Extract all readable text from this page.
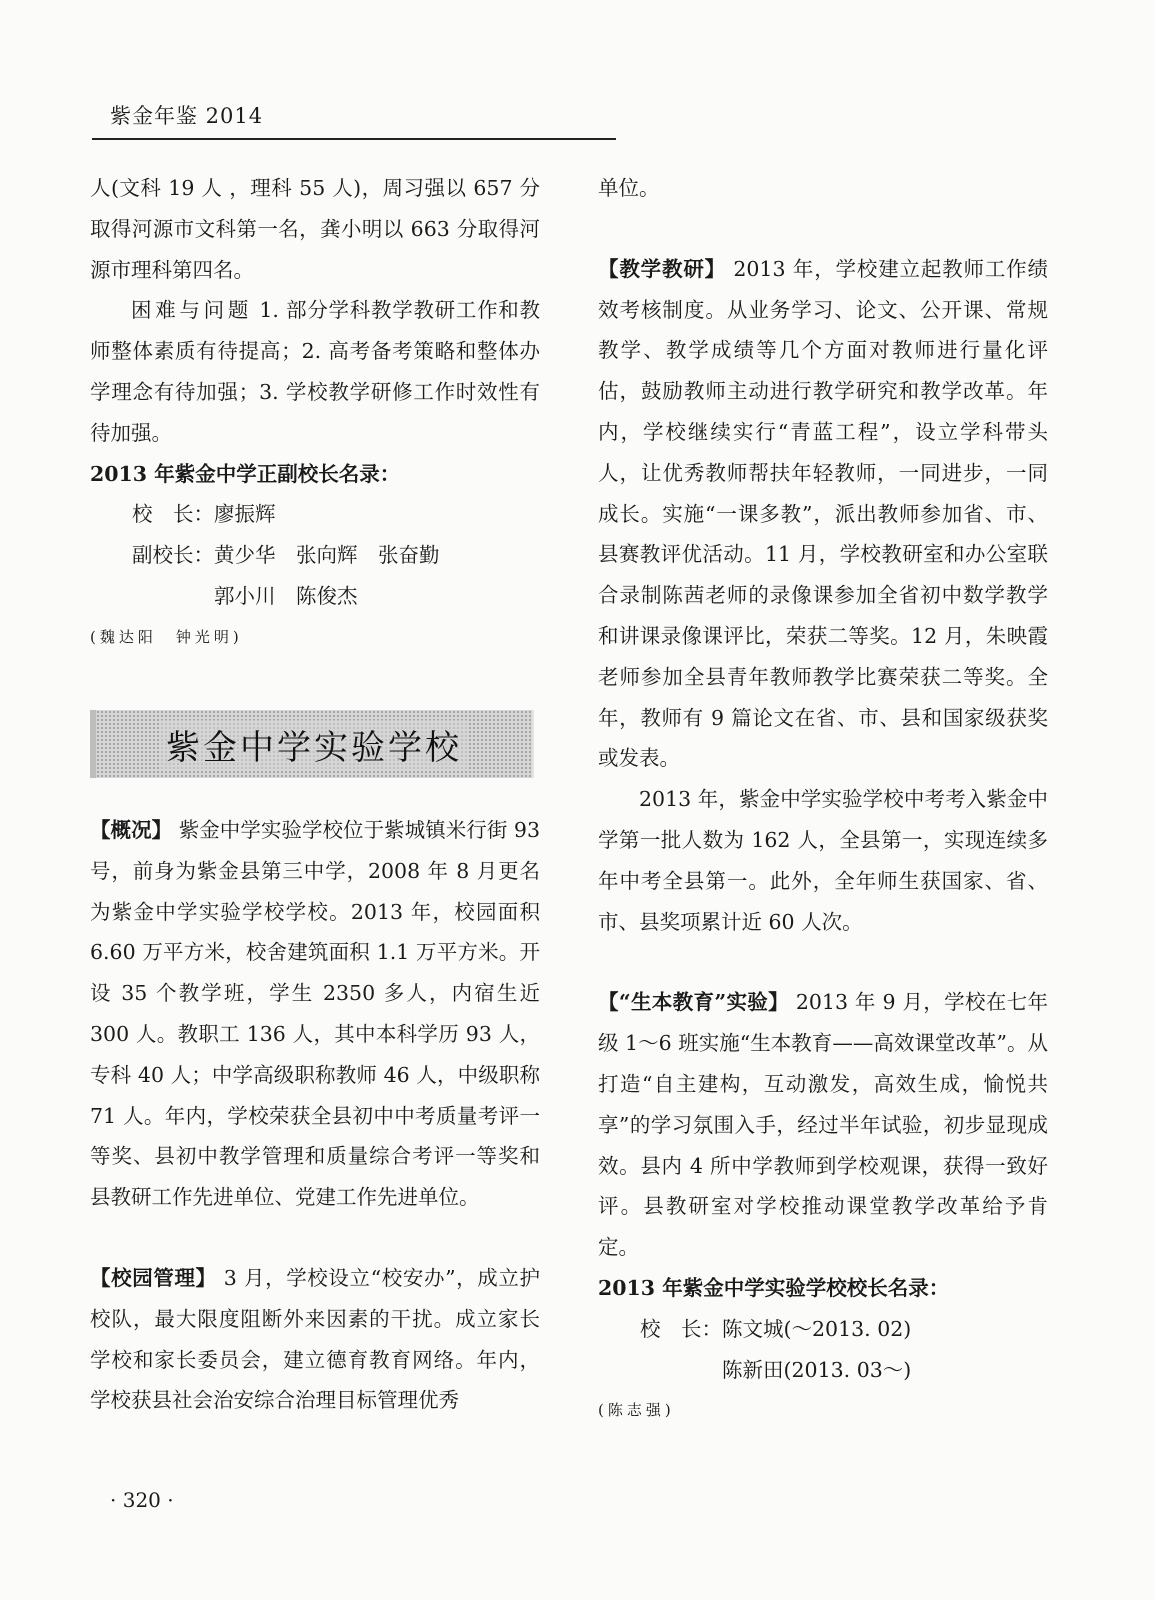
紫金年鉴 2014

人(文科 19 人 ，理科 55 人)，周习强以 657 分取得河源市文科第一名，龚小明以 663 分取得河源市理科第四名。

困难与问题 1. 部分学科教学教研工作和教师整体素质有待提高；2. 高考备考策略和整体办学理念有待加强；3. 学校教学研修工作时效性有待加强。

2013 年紫金中学正副校长名录：

校　长：廖振辉

副校长：黄少华　张向辉　张奋勤

郭小川　陈俊杰

(魏达阳　钟光明)

紫金中学实验学校

【概况】 紫金中学实验学校位于紫城镇米行街 93 号，前身为紫金县第三中学，2008 年 8 月更名为紫金中学实验学校学校。2013 年，校园面积 6.60 万平方米，校舍建筑面积 1.1 万平方米。开设 35 个教学班，学生 2350 多人，内宿生近 300 人。教职工 136 人，其中本科学历 93 人，专科 40 人；中学高级职称教师 46 人，中级职称 71 人。年内，学校荣获全县初中中考质量考评一等奖、县初中教学管理和质量综合考评一等奖和县教研工作先进单位、党建工作先进单位。

【校园管理】 3 月，学校设立“校安办”，成立护校队，最大限度阻断外来因素的干扰。成立家长学校和家长委员会，建立德育教育网络。年内，学校获县社会治安综合治理目标管理优秀

单位。

【教学教研】 2013 年，学校建立起教师工作绩效考核制度。从业务学习、论文、公开课、常规教学、教学成绩等几个方面对教师进行量化评估，鼓励教师主动进行教学研究和教学改革。年内，学校继续实行“青蓝工程”，设立学科带头人，让优秀教师帮扶年轻教师，一同进步，一同成长。实施“一课多教”，派出教师参加省、市、县赛教评优活动。11 月，学校教研室和办公室联合录制陈茜老师的录像课参加全省初中数学教学和讲课录像课评比，荣获二等奖。12 月，朱映霞老师参加全县青年教师教学比赛荣获二等奖。全年，教师有 9 篇论文在省、市、县和国家级获奖或发表。

2013 年，紫金中学实验学校中考考入紫金中学第一批人数为 162 人，全县第一，实现连续多年中考全县第一。此外，全年师生获国家、省、市、县奖项累计近 60 人次。

【“生本教育”实验】 2013 年 9 月，学校在七年级 1～6 班实施“生本教育——高效课堂改革”。从打造“自主建构，互动激发，高效生成，愉悦共享”的学习氛围入手，经过半年试验，初步显现成效。县内 4 所中学教师到学校观课，获得一致好评。县教研室对学校推动课堂教学改革给予肯定。

2013 年紫金中学实验学校校长名录：

校　长：陈文城(～2013. 02)

陈新田(2013. 03～)

(陈志强)

· 320 ·
